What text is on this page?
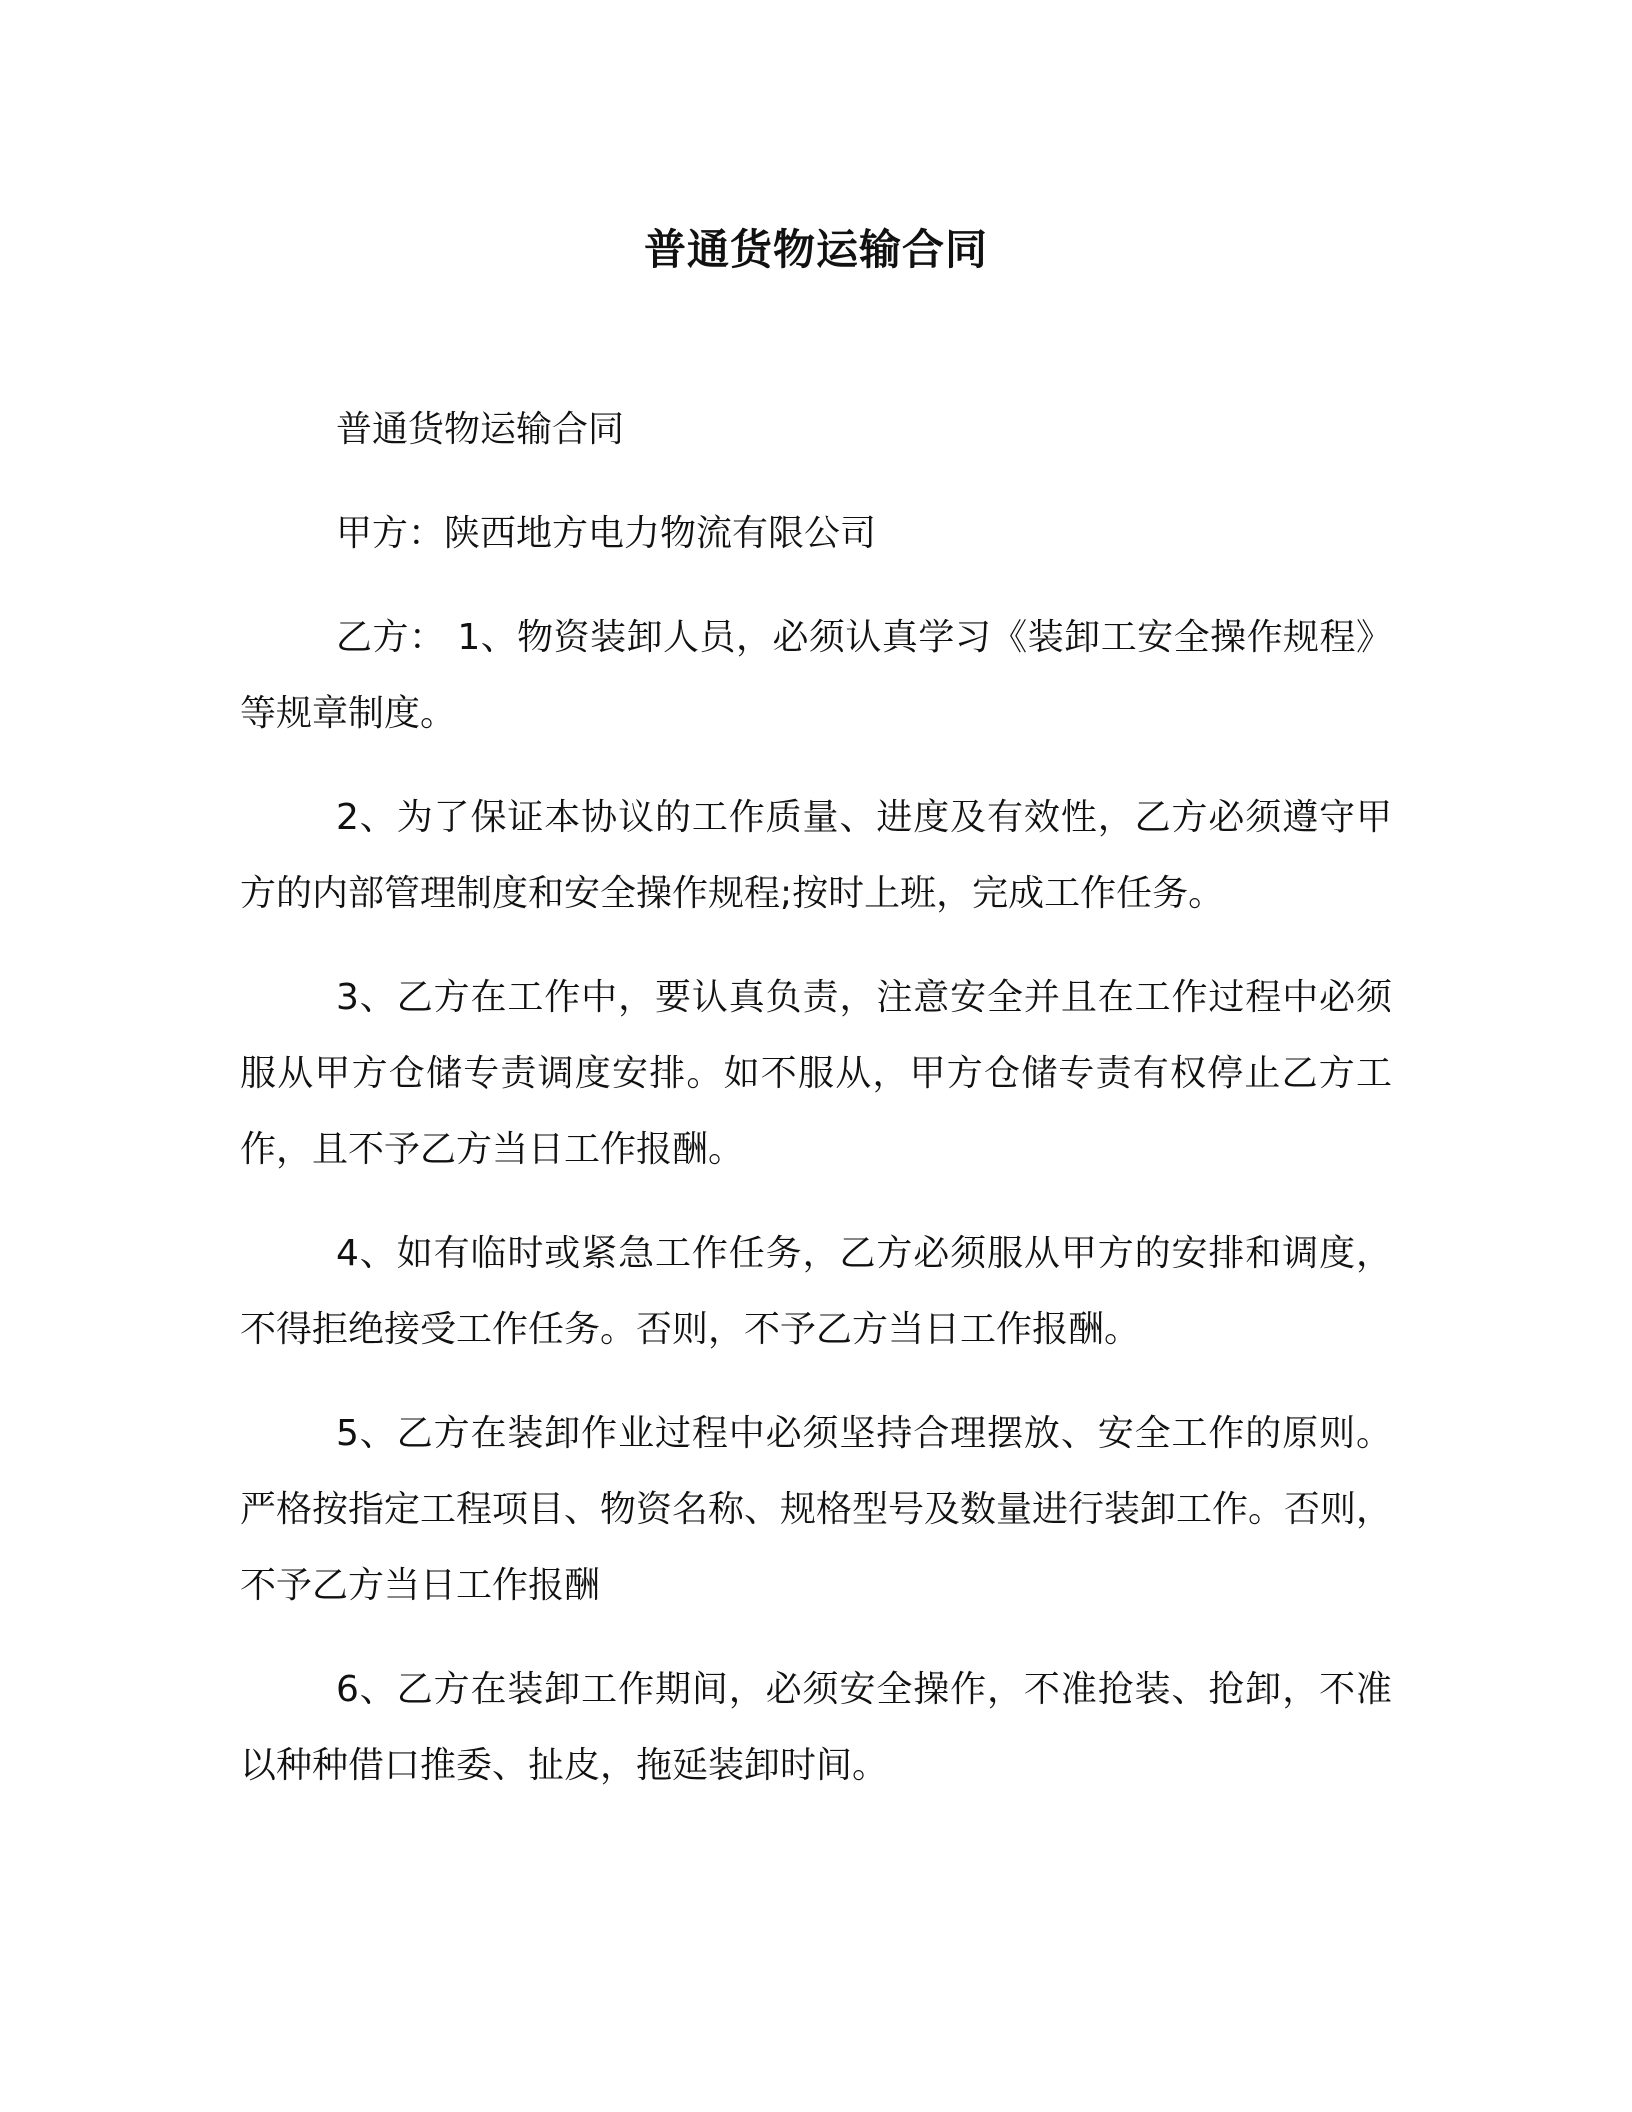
普通货物运输合同

普通货物运输合同

甲方：陕西地方电力物流有限公司

乙方： 1、物资装卸人员，必须认真学习《装卸工安全操作规程》等规章制度。

2、为了保证本协议的工作质量、进度及有效性，乙方必须遵守甲方的内部管理制度和安全操作规程;按时上班，完成工作任务。

3、乙方在工作中，要认真负责，注意安全并且在工作过程中必须服从甲方仓储专责调度安排。如不服从，甲方仓储专责有权停止乙方工作，且不予乙方当日工作报酬。

4、如有临时或紧急工作任务，乙方必须服从甲方的安排和调度，不得拒绝接受工作任务。否则，不予乙方当日工作报酬。

5、乙方在装卸作业过程中必须坚持合理摆放、安全工作的原则。严格按指定工程项目、物资名称、规格型号及数量进行装卸工作。否则，不予乙方当日工作报酬

6、乙方在装卸工作期间，必须安全操作，不准抢装、抢卸，不准以种种借口推委、扯皮，拖延装卸时间。
